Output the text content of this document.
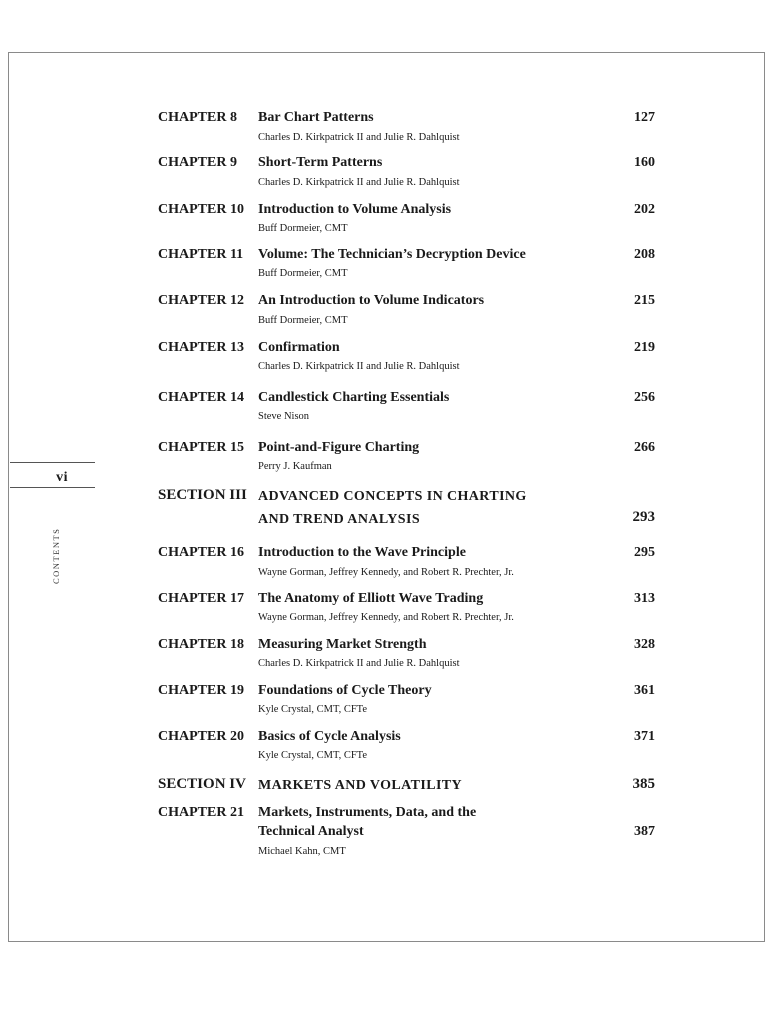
vi
CONTENTS
CHAPTER 8 Bar Chart Patterns	127
Charles D. Kirkpatrick II and Julie R. Dahlquist
CHAPTER 9 Short-Term Patterns	160
Charles D. Kirkpatrick II and Julie R. Dahlquist
CHAPTER 10 Introduction to Volume Analysis	202
Buff Dormeier, CMT
CHAPTER 11 Volume: The Technician’s Decryption Device	208
Buff Dormeier, CMT
CHAPTER 12 An Introduction to Volume Indicators	215
Buff Dormeier, CMT
CHAPTER 13 Confirmation	219
Charles D. Kirkpatrick II and Julie R. Dahlquist
CHAPTER 14 Candlestick Charting Essentials	256
Steve Nison
CHAPTER 15 Point-and-Figure Charting	266
Perry J. Kaufman
SECTION III ADVANCED CONCEPTS IN CHARTING
AND TREND ANALYSIS	293
CHAPTER 16 Introduction to the Wave Principle	295
Wayne Gorman, Jeffrey Kennedy, and Robert R. Prechter, Jr.
CHAPTER 17 The Anatomy of Elliott Wave Trading	313
Wayne Gorman, Jeffrey Kennedy, and Robert R. Prechter, Jr.
CHAPTER 18 Measuring Market Strength	328
Charles D. Kirkpatrick II and Julie R. Dahlquist
CHAPTER 19 Foundations of Cycle Theory	361
Kyle Crystal, CMT, CFTe
CHAPTER 20 Basics of Cycle Analysis	371
Kyle Crystal, CMT, CFTe
SECTION IV MARKETS AND VOLATILITY	385
CHAPTER 21 Markets, Instruments, Data, and the
Technical Analyst	387
Michael Kahn, CMT
